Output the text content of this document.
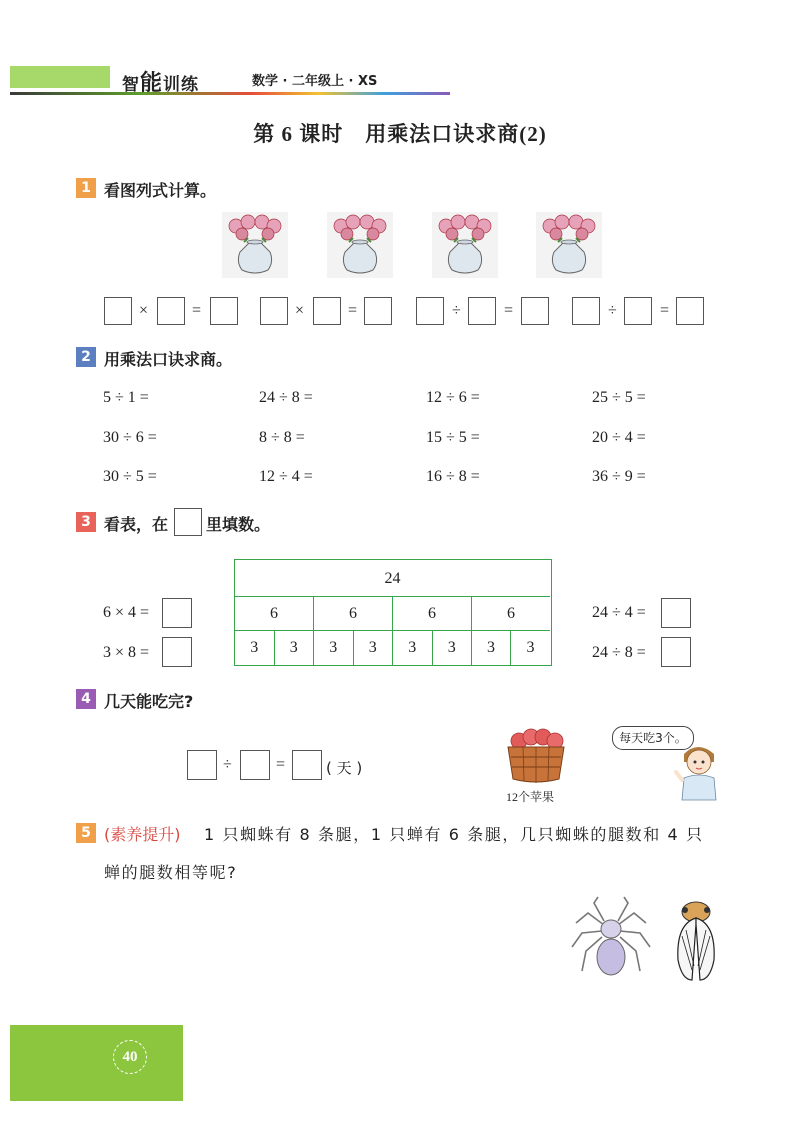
智能训练	数学 · 二年级上 · XS
第 6 课时　用乘法口诀求商(2)
1 看图列式计算。
×	=	×	=	÷	=	÷	=
2 用乘法口诀求商。
5 ÷ 1 =	24 ÷ 8 =	12 ÷ 6 =	25 ÷ 5 =
30 ÷ 6 =	8 ÷ 8 =	15 ÷ 5 =	20 ÷ 4 =
30 ÷ 5 =	12 ÷ 4 =	16 ÷ 8 =	36 ÷ 9 =
3 看表，在 里填数。
6 × 4 =
3 × 8 =
24
6	6	6	6
3	3	3	3	3	3	3	3
24 ÷ 4 =
24 ÷ 8 =
4 几天能吃完?
÷	=	( 天 )
12个苹果
每天吃3个。
5 (素养提升) 1 只蜘蛛有 8 条腿，1 只蝉有 6 条腿，几只蜘蛛的腿数和 4 只
蝉的腿数相等呢?
40
